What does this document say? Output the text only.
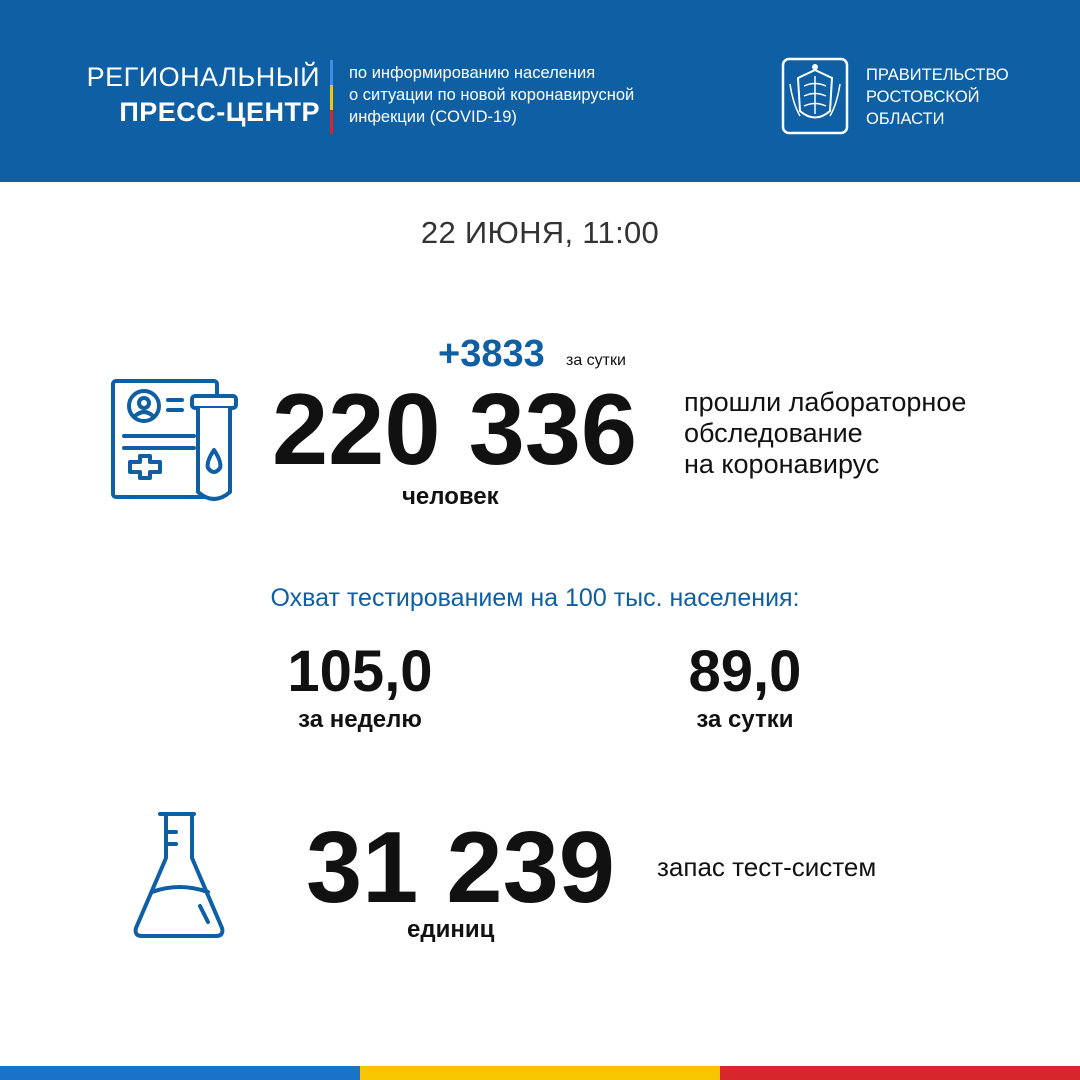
РЕГИОНАЛЬНЫЙ
ПРЕСС-ЦЕНТР
по информированию населения
о ситуации по новой коронавирусной
инфекции (COVID-19)
ПРАВИТЕЛЬСТВО
РОСТОВСКОЙ
ОБЛАСТИ
22 ИЮНЯ, 11:00
+3833 за сутки
220 336
человек
прошли лабораторное
обследование
на коронавирус
Охват тестированием на 100 тыс. населения:
105,0
за неделю
89,0
за сутки
31 239
единиц
запас тест-систем
